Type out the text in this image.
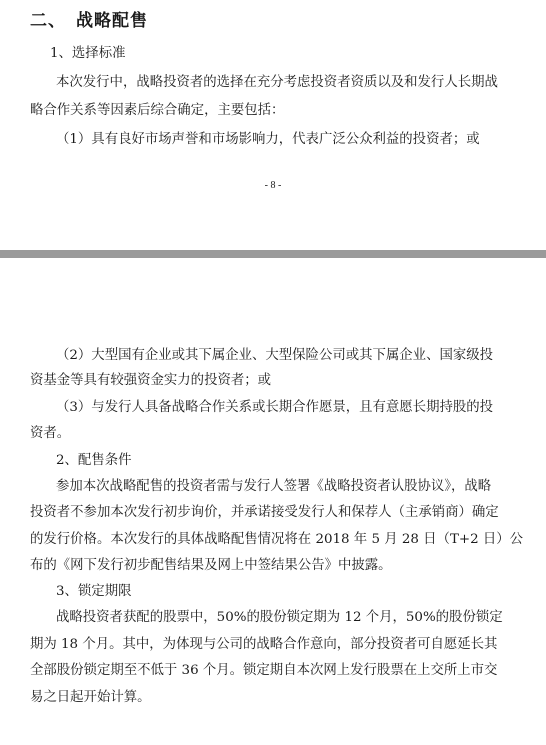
二、 战略配售
1、选择标准
本次发行中，战略投资者的选择在充分考虑投资者资质以及和发行人长期战
略合作关系等因素后综合确定，主要包括：
（1）具有良好市场声誉和市场影响力，代表广泛公众利益的投资者；或
- 8 -
（2）大型国有企业或其下属企业、大型保险公司或其下属企业、国家级投
资基金等具有较强资金实力的投资者；或
（3）与发行人具备战略合作关系或长期合作愿景，且有意愿长期持股的投
资者。
2、配售条件
参加本次战略配售的投资者需与发行人签署《战略投资者认股协议》，战略
投资者不参加本次发行初步询价，并承诺接受发行人和保荐人（主承销商）确定
的发行价格。本次发行的具体战略配售情况将在 2018 年 5 月 28 日（T+2 日）公
布的《网下发行初步配售结果及网上中签结果公告》中披露。
3、锁定期限
战略投资者获配的股票中，50%的股份锁定期为 12 个月，50%的股份锁定
期为 18 个月。其中，为体现与公司的战略合作意向，部分投资者可自愿延长其
全部股份锁定期至不低于 36 个月。锁定期自本次网上发行股票在上交所上市交
易之日起开始计算。
